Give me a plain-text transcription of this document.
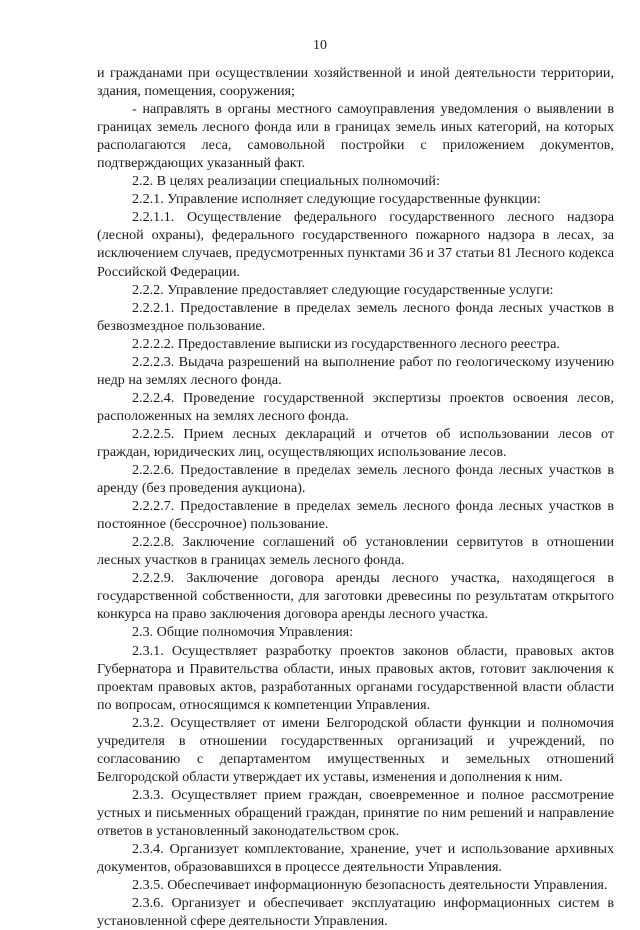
10

и гражданами при осуществлении хозяйственной и иной деятельности территории, здания, помещения, сооружения;

- направлять в органы местного самоуправления уведомления о выявлении в границах земель лесного фонда или в границах земель иных категорий, на которых располагаются леса, самовольной постройки с приложением документов, подтверждающих указанный факт.

2.2. В целях реализации специальных полномочий:

2.2.1. Управление исполняет следующие государственные функции:

2.2.1.1. Осуществление федерального государственного лесного надзора (лесной охраны), федерального государственного пожарного надзора в лесах, за исключением случаев, предусмотренных пунктами 36 и 37 статьи 81 Лесного кодекса Российской Федерации.

2.2.2. Управление предоставляет следующие государственные услуги:

2.2.2.1. Предоставление в пределах земель лесного фонда лесных участков в безвозмездное пользование.

2.2.2.2. Предоставление выписки из государственного лесного реестра.

2.2.2.3. Выдача разрешений на выполнение работ по геологическому изучению недр на землях лесного фонда.

2.2.2.4. Проведение государственной экспертизы проектов освоения лесов, расположенных на землях лесного фонда.

2.2.2.5. Прием лесных деклараций и отчетов об использовании лесов от граждан, юридических лиц, осуществляющих использование лесов.

2.2.2.6. Предоставление в пределах земель лесного фонда лесных участков в аренду (без проведения аукциона).

2.2.2.7. Предоставление в пределах земель лесного фонда лесных участков в постоянное (бессрочное) пользование.

2.2.2.8. Заключение соглашений об установлении сервитутов в отношении лесных участков в границах земель лесного фонда.

2.2.2.9. Заключение договора аренды лесного участка, находящегося в государственной собственности, для заготовки древесины по результатам открытого конкурса на право заключения договора аренды лесного участка.

2.3. Общие полномочия Управления:

2.3.1. Осуществляет разработку проектов законов области, правовых актов Губернатора и Правительства области, иных правовых актов, готовит заключения к проектам правовых актов, разработанных органами государственной власти области по вопросам, относящимся к компетенции Управления.

2.3.2. Осуществляет от имени Белгородской области функции и полномочия учредителя в отношении государственных организаций и учреждений, по согласованию с департаментом имущественных и земельных отношений Белгородской области утверждает их уставы, изменения и дополнения к ним.

2.3.3. Осуществляет прием граждан, своевременное и полное рассмотрение устных и письменных обращений граждан, принятие по ним решений и направление ответов в установленный законодательством срок.

2.3.4. Организует комплектование, хранение, учет и использование архивных документов, образовавшихся в процессе деятельности Управления.

2.3.5. Обеспечивает информационную безопасность деятельности Управления.

2.3.6. Организует и обеспечивает эксплуатацию информационных систем в установленной сфере деятельности Управления.
